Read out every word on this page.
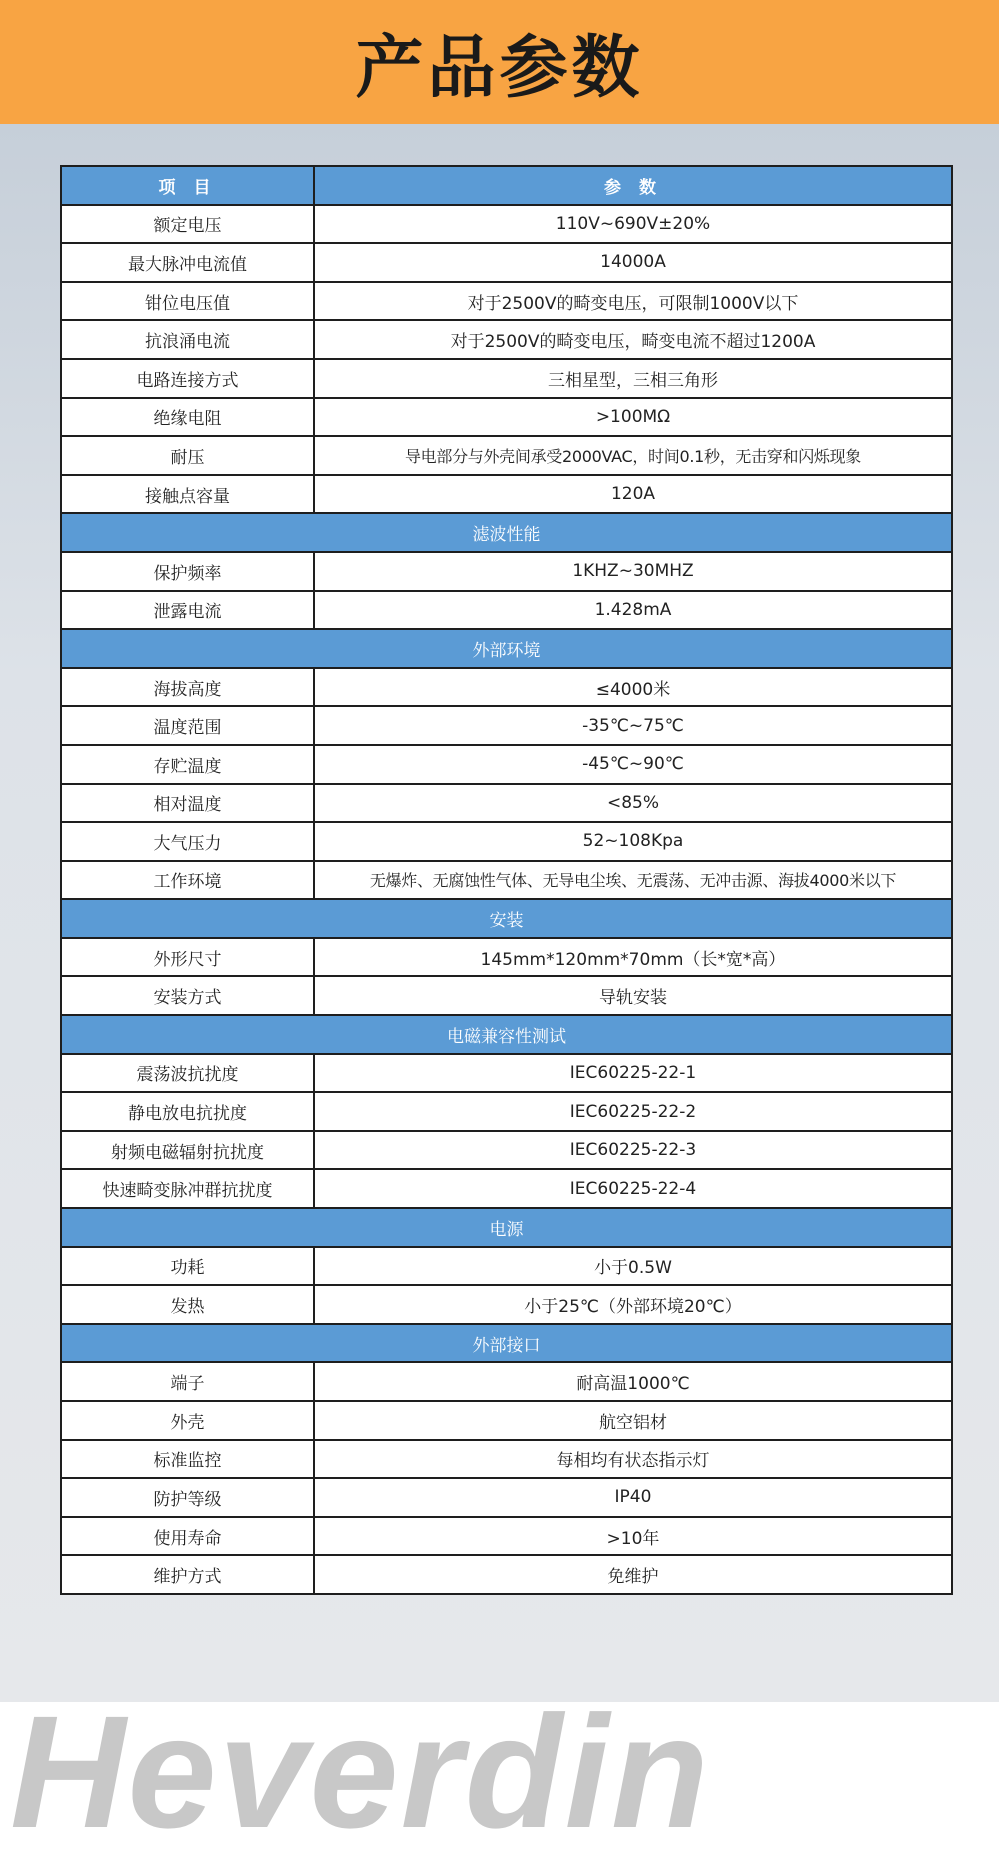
产品参数
项 目	参 数
额定电压	110V~690V±20%
最大脉冲电流值	14000A
钳位电压值	对于2500V的畸变电压，可限制1000V以下
抗浪涌电流	对于2500V的畸变电压，畸变电流不超过1200A
电路连接方式	三相星型，三相三角形
绝缘电阻	>100MΩ
耐压	导电部分与外壳间承受2000VAC，时间0.1秒，无击穿和闪烁现象
接触点容量	120A
滤波性能	
保护频率	1KHZ~30MHZ
泄露电流	1.428mA
外部环境	
海拔高度	≤4000米
温度范围	-35℃~75℃
存贮温度	-45℃~90℃
相对温度	<85%
大气压力	52~108Kpa
工作环境	无爆炸、无腐蚀性气体、无导电尘埃、无震荡、无冲击源、海拔4000米以下
安装	
外形尺寸	145mm*120mm*70mm（长*宽*高）
安装方式	导轨安装
电磁兼容性测试	
震荡波抗扰度	IEC60225-22-1
静电放电抗扰度	IEC60225-22-2
射频电磁辐射抗扰度	IEC60225-22-3
快速畸变脉冲群抗扰度	IEC60225-22-4
电源	
功耗	小于0.5W
发热	小于25℃（外部环境20℃）
外部接口	
端子	耐高温1000℃
外壳	航空铝材
标准监控	每相均有状态指示灯
防护等级	IP40
使用寿命	>10年
维护方式	免维护
Heverdin
